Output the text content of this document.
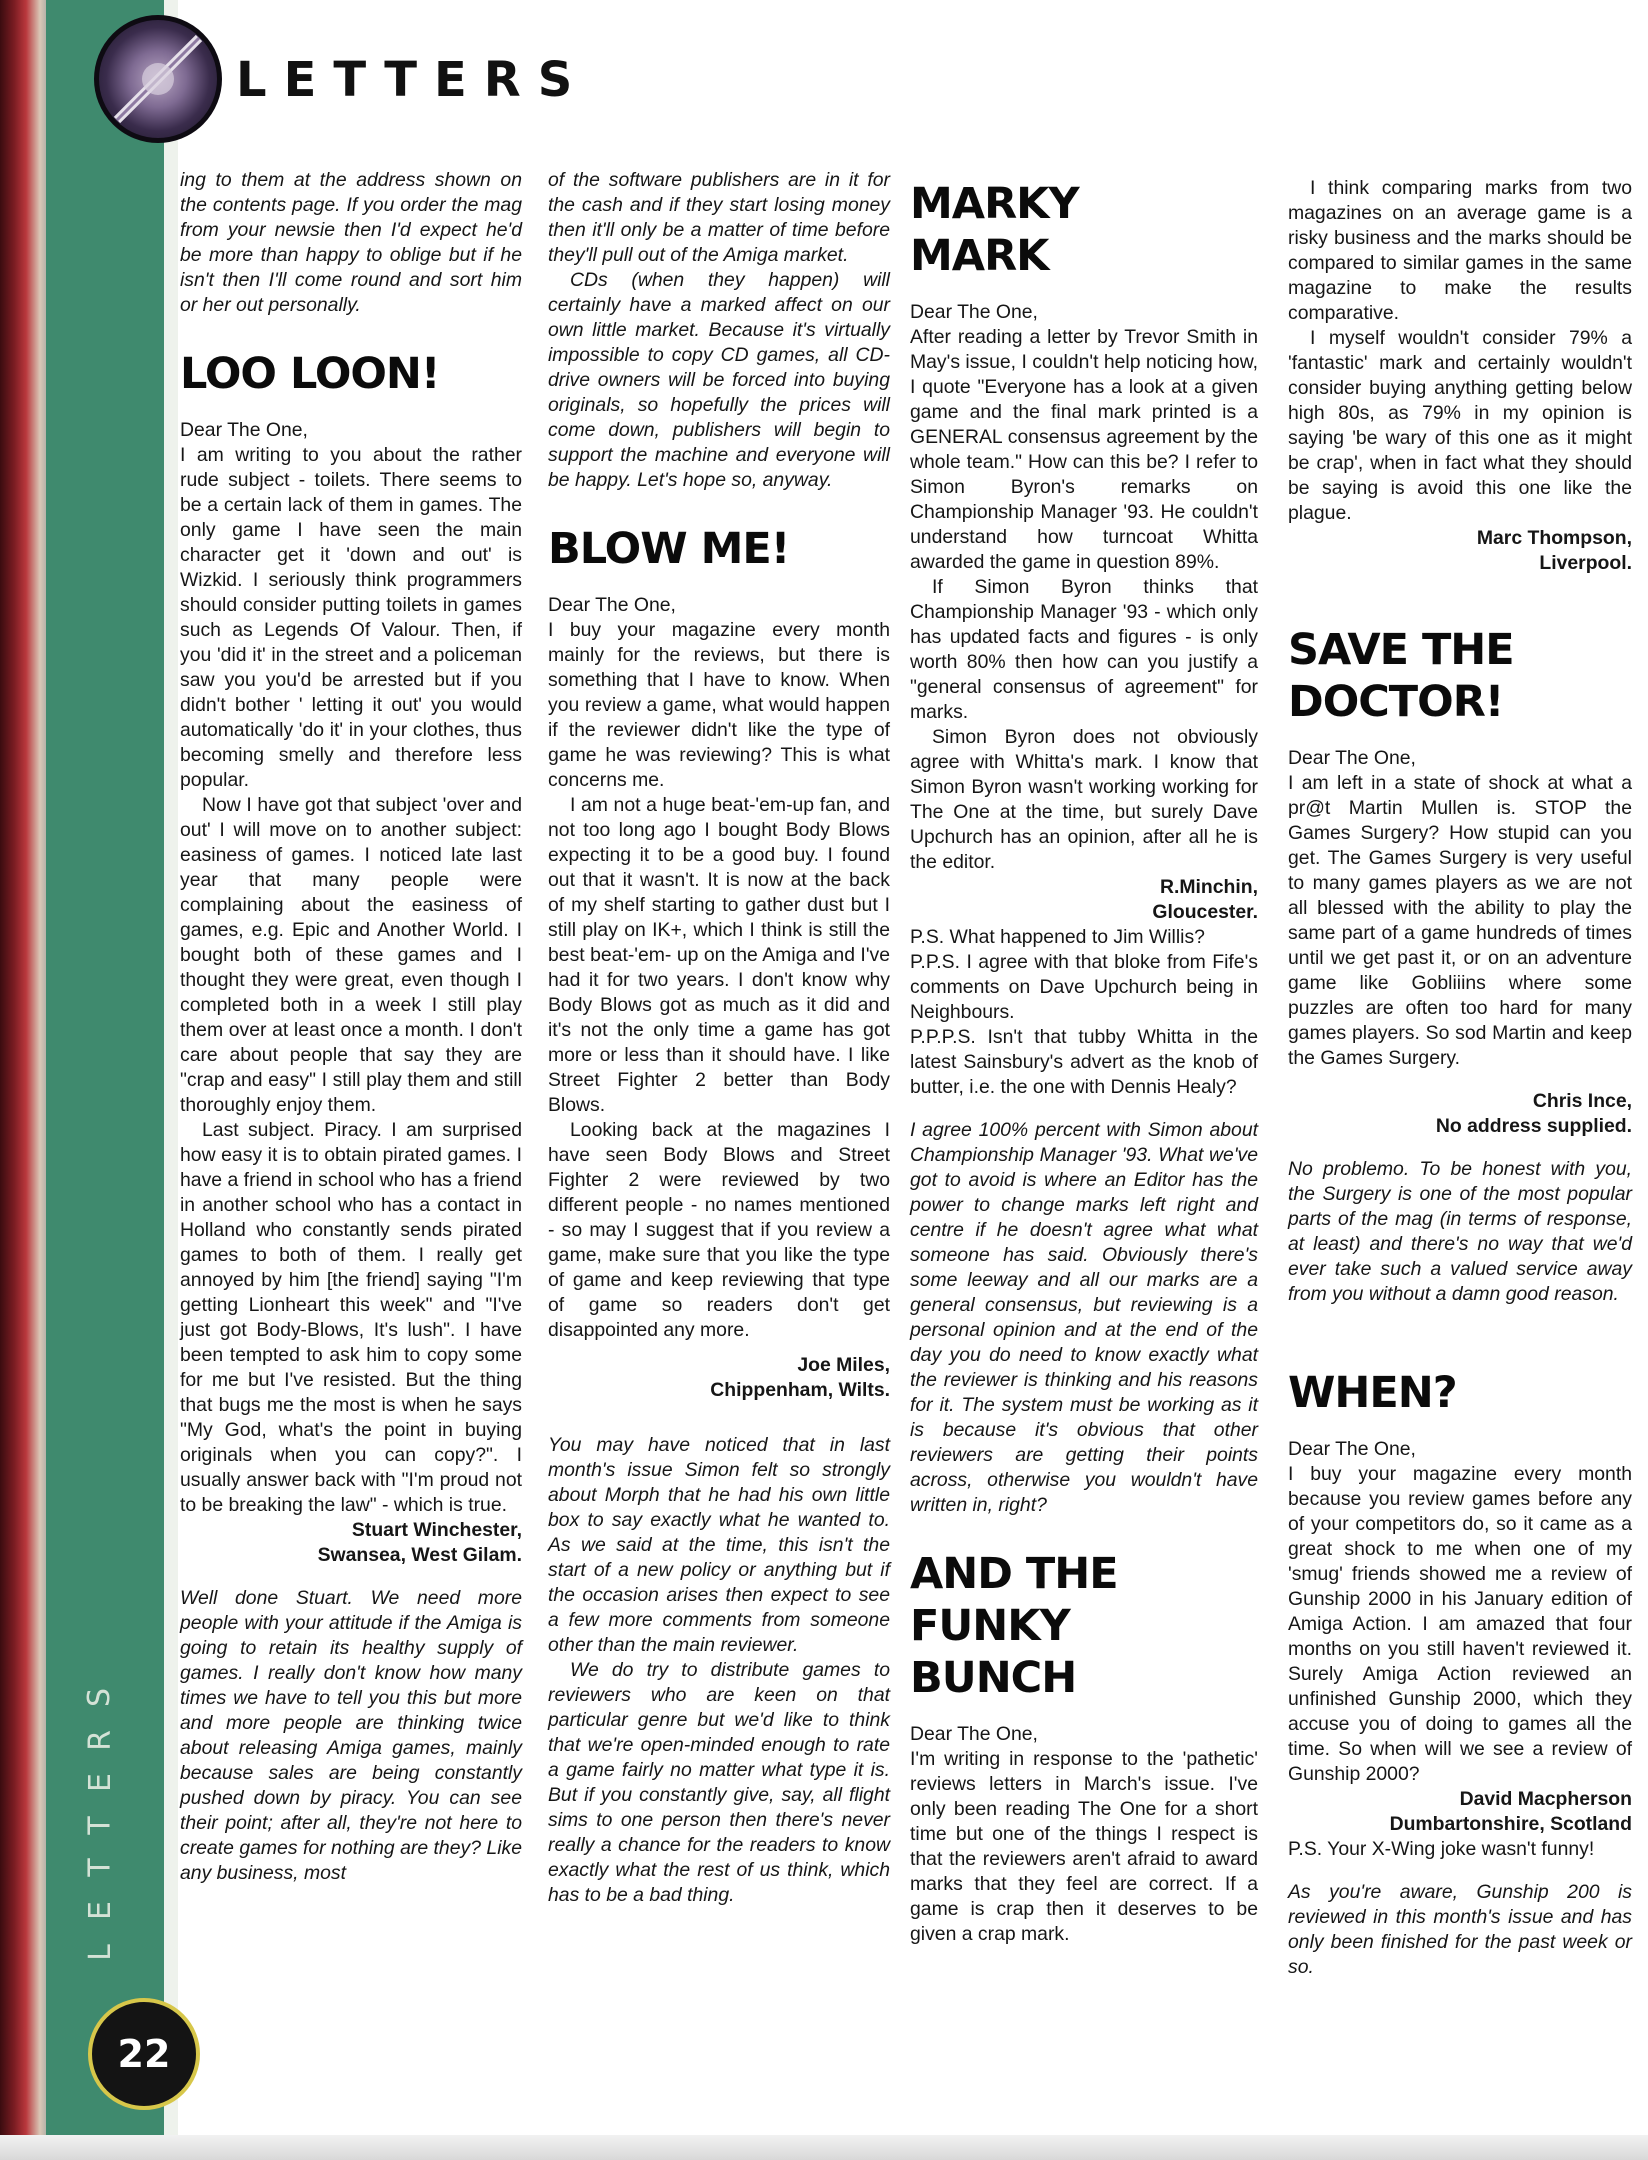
LETTERS
S
R
E
T
T
E
L
22

ing to them at the address shown on the contents page. If you order the mag from your newsie then I'd expect he'd be more than happy to oblige but if he isn't then I'll come round and sort him or her out personally.

LOO LOON!

Dear The One,

I am writing to you about the rather rude subject - toilets. There seems to be a certain lack of them in games. The only game I have seen the main character get it 'down and out' is Wizkid. I seriously think programmers should consider putting toilets in games such as Legends Of Valour. Then, if you 'did it' in the street and a policeman saw you you'd be arrested but if you didn't bother ' letting it out' you would automatically 'do it' in your clothes, thus becoming smelly and therefore less popular.

Now I have got that subject 'over and out' I will move on to another subject: easiness of games. I noticed late last year that many people were complaining about the easiness of games, e.g. Epic and Another World. I bought both of these games and I thought they were great, even though I completed both in a week I still play them over at least once a month. I don't care about people that say they are "crap and easy" I still play them and still thoroughly enjoy them.

Last subject. Piracy. I am surprised how easy it is to obtain pirated games. I have a friend in school who has a friend in another school who has a contact in Holland who constantly sends pirated games to both of them. I really get annoyed by him [the friend] saying "I'm getting Lionheart this week" and "I've just got Body-Blows, It's lush". I have been tempted to ask him to copy some for me but I've resisted. But the thing that bugs me the most is when he says "My God, what's the point in buying originals when you can copy?". I usually answer back with "I'm proud not to be breaking the law" - which is true.

Stuart Winchester,

Swansea, West Gilam.

Well done Stuart. We need more people with your attitude if the Amiga is going to retain its healthy supply of games. I really don't know how many times we have to tell you this but more and more people are thinking twice about releasing Amiga games, mainly because sales are being constantly pushed down by piracy. You can see their point; after all, they're not here to create games for nothing are they? Like any business, most

of the software publishers are in it for the cash and if they start losing money then it'll only be a matter of time before they'll pull out of the Amiga market.

CDs (when they happen) will certainly have a marked affect on our own little market. Because it's virtually impossible to copy CD games, all CD-drive owners will be forced into buying originals, so hopefully the prices will come down, publishers will begin to support the machine and everyone will be happy. Let's hope so, anyway.

BLOW ME!

Dear The One,

I buy your magazine every month mainly for the reviews, but there is something that I have to know. When you review a game, what would happen if the reviewer didn't like the type of game he was reviewing? This is what concerns me.

I am not a huge beat-'em-up fan, and not too long ago I bought Body Blows expecting it to be a good buy. I found out that it wasn't. It is now at the back of my shelf starting to gather dust but I still play on IK+, which I think is still the best beat-'em- up on the Amiga and I've had it for two years. I don't know why Body Blows got as much as it did and it's not the only time a game has got more or less than it should have. I like Street Fighter 2 better than Body Blows.

Looking back at the magazines I have seen Body Blows and Street Fighter 2 were reviewed by two different people - no names mentioned - so may I suggest that if you review a game, make sure that you like the type of game and keep reviewing that type of game so readers don't get disappointed any more.

Joe Miles,

Chippenham, Wilts.

You may have noticed that in last month's issue Simon felt so strongly about Morph that he had his own little box to say exactly what he wanted to. As we said at the time, this isn't the start of a new policy or anything but if the occasion arises then expect to see a few more comments from someone other than the main reviewer.

We do try to distribute games to reviewers who are keen on that particular genre but we'd like to think that we're open-minded enough to rate a game fairly no matter what type it is. But if you constantly give, say, all flight sims to one person then there's never really a chance for the readers to know exactly what the rest of us think, which has to be a bad thing.

MARKY
MARK

Dear The One,

After reading a letter by Trevor Smith in May's issue, I couldn't help noticing how, I quote "Everyone has a look at a given game and the final mark printed is a GENERAL consensus agreement by the whole team." How can this be? I refer to Simon Byron's remarks on Championship Manager '93. He couldn't understand how turncoat Whitta awarded the game in question 89%.

If Simon Byron thinks that Championship Manager '93 - which only has updated facts and figures - is only worth 80% then how can you justify a "general consensus of agreement" for marks.

Simon Byron does not obviously agree with Whitta's mark. I know that Simon Byron wasn't working working for The One at the time, but surely Dave Upchurch has an opinion, after all he is the editor.

R.Minchin,

Gloucester.

P.S. What happened to Jim Willis?

P.P.S. I agree with that bloke from Fife's comments on Dave Upchurch being in Neighbours.

P.P.P.S. Isn't that tubby Whitta in the latest Sainsbury's advert as the knob of butter, i.e. the one with Dennis Healy?

I agree 100% percent with Simon about Championship Manager '93. What we've got to avoid is where an Editor has the power to change marks left right and centre if he doesn't agree what what someone has said. Obviously there's some leeway and all our marks are a general consensus, but reviewing is a personal opinion and at the end of the day you do need to know exactly what the reviewer is thinking and his reasons for it. The system must be working as it is because it's obvious that other reviewers are getting their points across, otherwise you wouldn't have written in, right?

AND THE
FUNKY
BUNCH

Dear The One,

I'm writing in response to the 'pathetic' reviews letters in March's issue. I've only been reading The One for a short time but one of the things I respect is that the reviewers aren't afraid to award marks that they feel are correct. If a game is crap then it deserves to be given a crap mark.

I think comparing marks from two magazines on an average game is a risky business and the marks should be compared to similar games in the same magazine to make the results comparative.

I myself wouldn't consider 79% a 'fantastic' mark and certainly wouldn't consider buying anything getting below high 80s, as 79% in my opinion is saying 'be wary of this one as it might be crap', when in fact what they should be saying is avoid this one like the plague.

Marc Thompson,

Liverpool.

SAVE THE
DOCTOR!

Dear The One,

I am left in a state of shock at what a pr@t Martin Mullen is. STOP the Games Surgery? How stupid can you get. The Games Surgery is very useful to many games players as we are not all blessed with the ability to play the same part of a game hundreds of times until we get past it, or on an adventure game like Gobliiins where some puzzles are often too hard for many games players. So sod Martin and keep the Games Surgery.

Chris Ince,

No address supplied.

No problemo. To be honest with you, the Surgery is one of the most popular parts of the mag (in terms of response, at least) and there's no way that we'd ever take such a valued service away from you without a damn good reason.

WHEN?

Dear The One,

I buy your magazine every month because you review games before any of your competitors do, so it came as a great shock to me when one of my 'smug' friends showed me a review of Gunship 2000 in his January edition of Amiga Action. I am amazed that four months on you still haven't reviewed it. Surely Amiga Action reviewed an unfinished Gunship 2000, which they accuse you of doing to games all the time. So when will we see a review of Gunship 2000?

David Macpherson

Dumbartonshire, Scotland

P.S. Your X-Wing joke wasn't funny!

As you're aware, Gunship 200 is reviewed in this month's issue and has only been finished for the past week or so.
